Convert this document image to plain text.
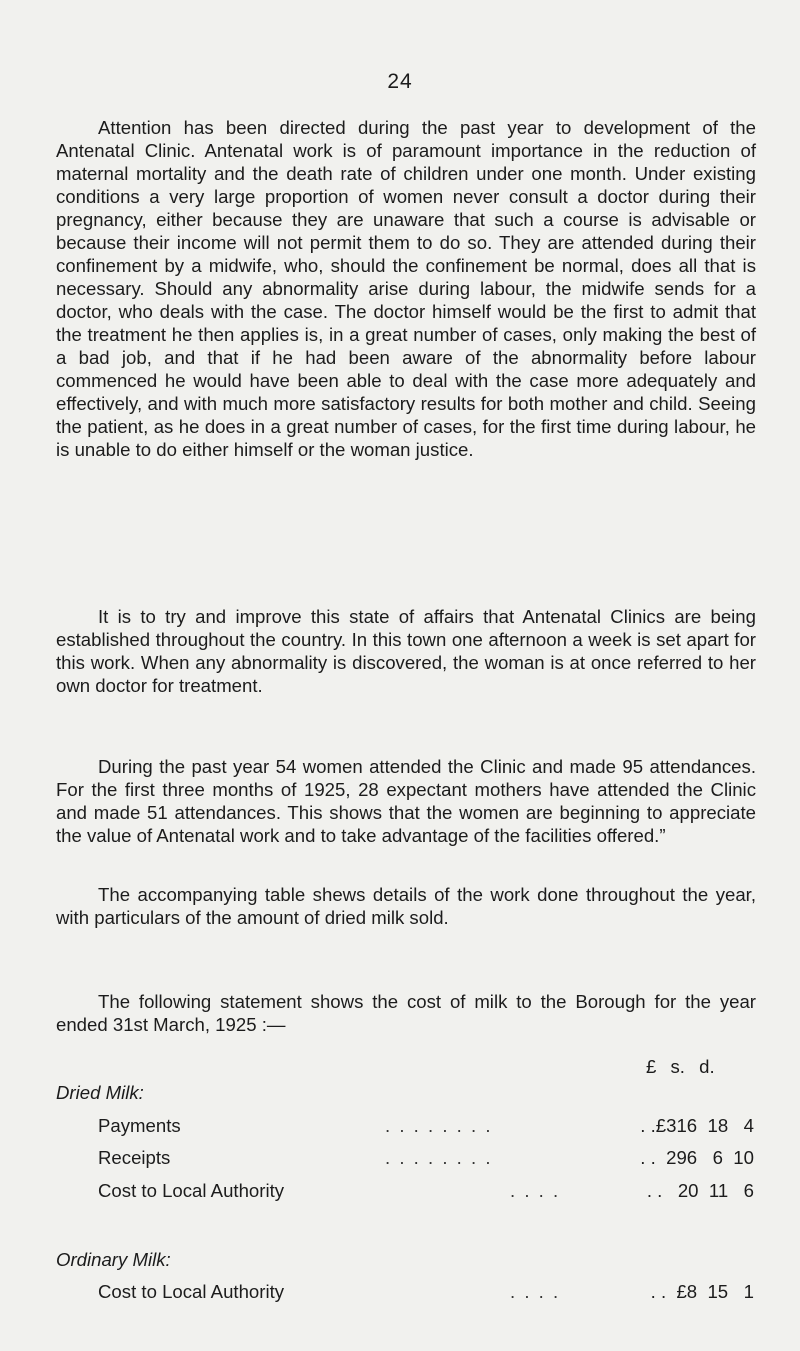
24

Attention has been directed during the past year to development of the Antenatal Clinic. Antenatal work is of paramount importance in the reduction of maternal mortality and the death rate of children under one month. Under existing conditions a very large proportion of women never consult a doctor during their pregnancy, either because they are unaware that such a course is advisable or because their income will not permit them to do so. They are attended during their confinement by a midwife, who, should the confinement be normal, does all that is necessary. Should any abnormality arise during labour, the midwife sends for a doctor, who deals with the case. The doctor himself would be the first to admit that the treatment he then applies is, in a great number of cases, only making the best of a bad job, and that if he had been aware of the abnormality before labour commenced he would have been able to deal with the case more adequately and effectively, and with much more satisfactory results for both mother and child. Seeing the patient, as he does in a great number of cases, for the first time during labour, he is unable to do either himself or the woman justice.

It is to try and improve this state of affairs that Antenatal Clinics are being established throughout the country. In this town one afternoon a week is set apart for this work. When any abnormality is discovered, the woman is at once referred to her own doctor for treatment.

During the past year 54 women attended the Clinic and made 95 attendances. For the first three months of 1925, 28 expectant mothers have attended the Clinic and made 51 attendances. This shows that the women are beginning to appreciate the value of Antenatal work and to take advantage of the facilities offered.”

The accompanying table shews details of the work done throughout the year, with particulars of the amount of dried milk sold.

The following statement shows the cost of milk to the Borough for the year ended 31st March, 1925 :—

£ s. d.
Dried Milk:
Payments	. . . . . . . .	. .£316  18   4
Receipts	. . . . . . . .	. .  296   6  10
Cost to Local Authority	. . . .	. .   20  11   6
Ordinary Milk:
Cost to Local Authority	. . . .	. .  £8  15   1
